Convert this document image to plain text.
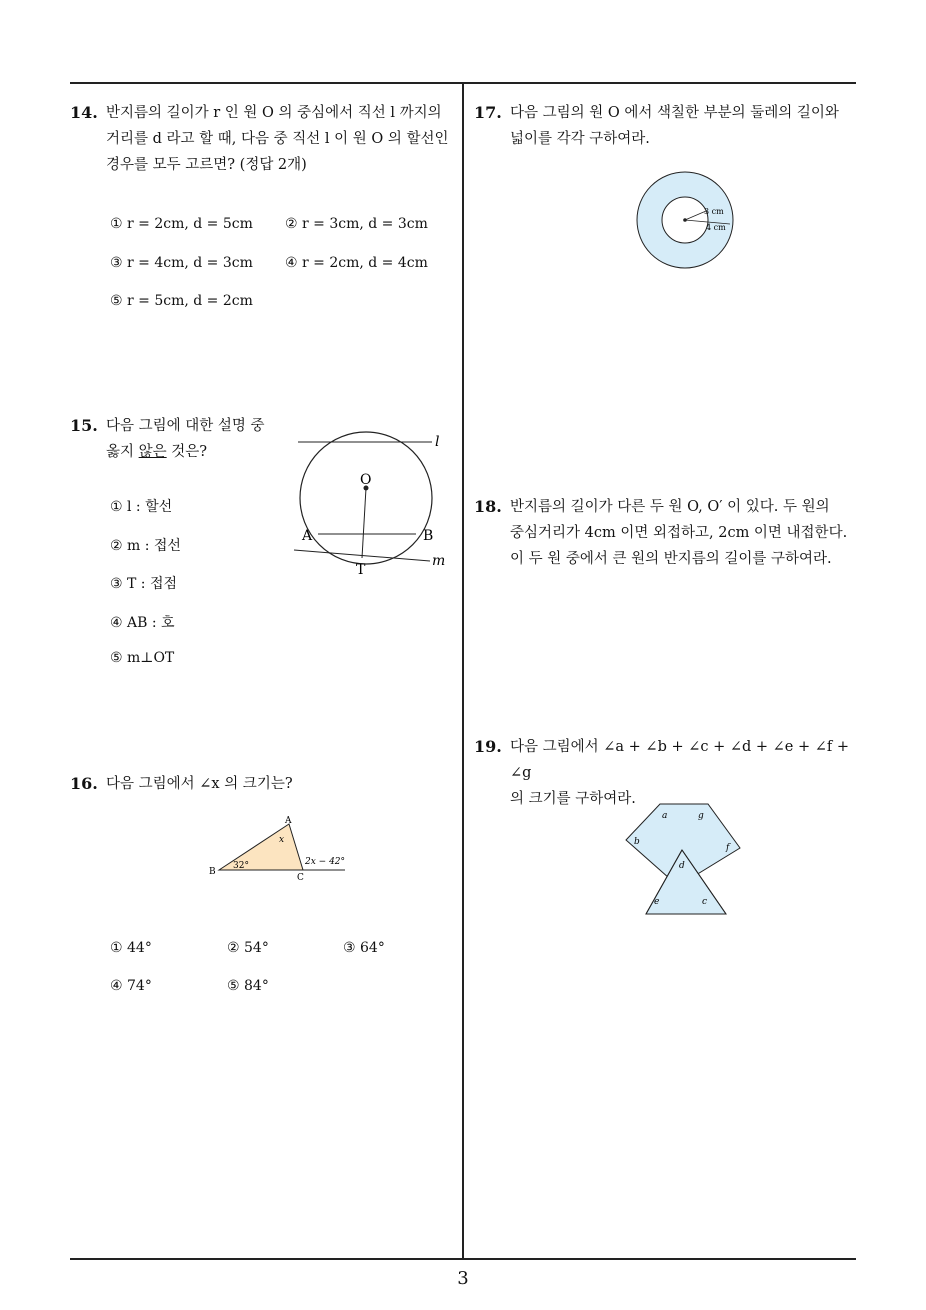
3
14. 반지름의 길이가 r 인 원 O 의 중심에서 직선 l 까지의
거리를 d 라고 할 때, 다음 중 직선 l 이 원 O 의 할선인
경우를 모두 고르면? (정답 2개)
① r = 2cm, d = 5cm ② r = 3cm, d = 3cm
③ r = 4cm, d = 3cm ④ r = 2cm, d = 4cm
⑤ r = 5cm, d = 2cm
15. 다음 그림에 대한 설명 중
옳지 않은 것은?
① l : 할선
② m : 접선
③ T : 접점
④ AB : 호
⑤ m⊥OT
l
O
A	B
m
T
16. 다음 그림에서 ∠x 의 크기는?
A
B
C
x
32°	2x − 42°
① 44°	② 54°	③ 64°
④ 74°	⑤ 84°
17. 다음 그림의 원 O 에서 색칠한 부분의 둘레의 길이와
넓이를 각각 구하여라.
3 cm
4 cm
18. 반지름의 길이가 다른 두 원 O, O′ 이 있다. 두 원의
중심거리가 4cm 이면 외접하고, 2cm 이면 내접한다.
이 두 원 중에서 큰 원의 반지름의 길이를 구하여라.
19. 다음 그림에서 ∠a + ∠b + ∠c + ∠d + ∠e + ∠f + ∠g
의 크기를 구하여라.
a	g
b
f
d
e	c
